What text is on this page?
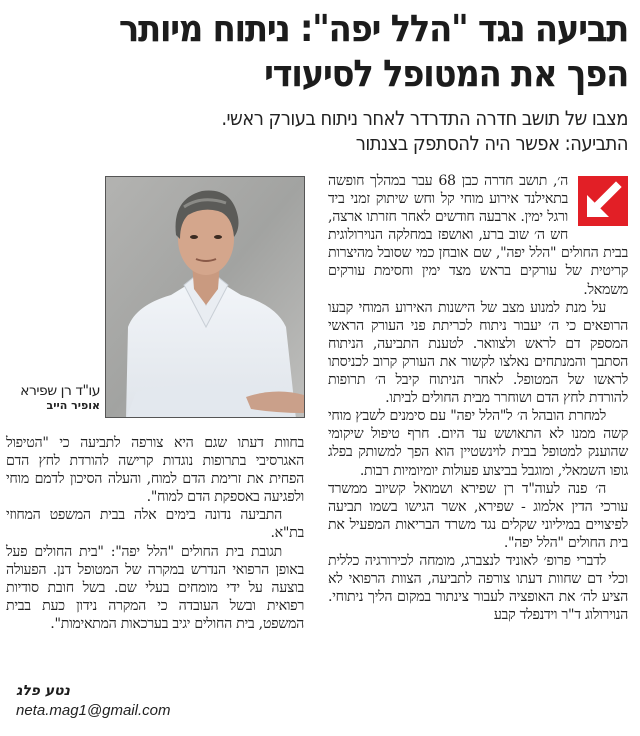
תביעה נגד "הלל יפה": ניתוח מיותר הפך את המטופל לסיעודי
מצבו של תושב חדרה התדרדר לאחר ניתוח בעורק ראשי.
התביעה: אפשר היה להסתפק בצנתור

ה׳, תושב חדרה כבן 68 עבר במהלך חופשה בתאילנד אירוע מוחי קל וחש שיתוק זמני ביד ורגל ימין. ארבעה חודשים לאחר חזרתו ארצה, חש ה׳ שוב ברע, ואושפז במחלקה הנוירולוגית בבית החולים "הלל יפה", שם אובחן כמי שסובל מהיצרות קריטית של עורקים בראש מצד ימין וחסימת עורקים משמאל.

על מנת למנוע מצב של הישנות האירוע המוחי קבעו הרופאים כי ה׳ יעבור ניתוח לכריתת פני העורק הראשי המספק דם לראש ולצוואר. לטענת התביעה, הניתוח הסתבך והמנתחים נאלצו לקשור את העורק קרוב לכניסתו לראשו של המטופל. לאחר הניתוח קיבל ה׳ תרופות להורדת לחץ הדם ושוחרר מבית החולים לביתו.

למחרת הובהל ה׳ ל"הלל יפה" עם סימנים לשבץ מוחי קשה ממנו לא התאושש עד היום. חרף טיפול שיקומי שהוענק למטופל בבית לוינשטיין הוא הפך למשותק בפלג גופו השמאלי, ומוגבל בביצוע פעולות יומיומיות רבות.

ה׳ פנה לעוה"ד רן שפירא ושמואל קשיוב ממשרד עורכי הדין אלמוג - שפירא, אשר הגישו בשמו תביעה לפיצויים במיליוני שקלים נגד משרד הבריאות המפעיל את בית החולים "הלל יפה".

לדברי פרופ׳ לאוניד לנצברג, מומחה לכירורגיה כללית וכלי דם שחוות דעתו צורפה לתביעה, הצוות הרפואי לא הציע לה׳ את האופציה לעבור צינתור במקום הליך ניתוחי. הנוירולוג ד"ר וידנפלד קבע

עו"ד רן שפירא
אופיר הייב

בחוות דעתו שגם היא צורפה לתביעה כי "הטיפול האגרסיבי בתרופות נוגדות קרישה להורדת לחץ הדם הפחית את זרימת הדם למוח, והעלה הסיכון לדמם מוחי ולפגיעה באספקת הדם למוח".

התביעה נדונה בימים אלה בבית המשפט המחוזי בת"א.

תגובת בית החולים "הלל יפה": "בית החולים פעל באופן הרפואי הנדרש במקרה של המטופל דנן. הפעולה בוצעה על ידי מומחים בעלי שם. בשל חובת סודיות רפואית ובשל העובדה כי המקרה נידון כעת בבית המשפט, בית החולים יגיב בערכאות המתאימות".

נטע פלג
neta.mag1@gmail.com
